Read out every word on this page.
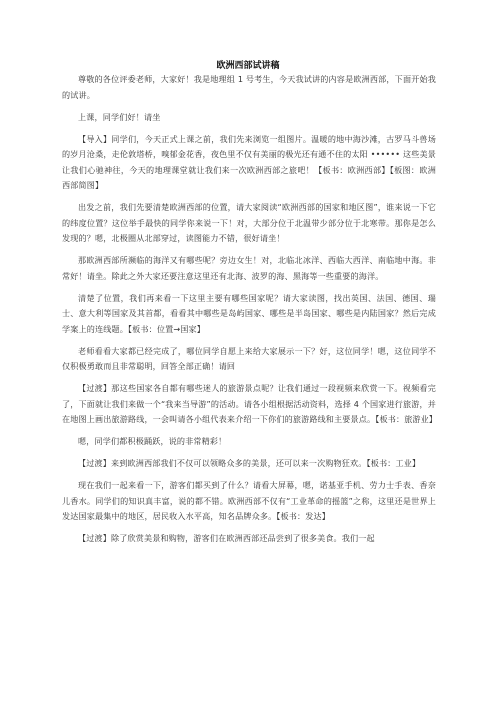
欧洲西部试讲稿

尊敬的各位评委老师，大家好！我是地理组 1 号考生，今天我试讲的内容是欧洲西部，下面开始我的试讲。

上课，同学们好！请坐

【导入】同学们，今天正式上课之前，我们先来浏览一组图片。温暖的地中海沙滩，古罗马斗兽场的岁月沧桑，走伦敦塔桥，嗅郁金花香，夜色里不仅有美丽的极光还有通不住的太阳 •••••• 这些美景让我们心驰神往，今天的地理课堂就让我们来一次欧洲西部之旅吧！【板书：欧洲西部】【板图：欧洲西部简图】

出发之前，我们先要清楚欧洲西部的位置，请大家阅读“欧洲西部的国家和地区图”，谁来说一下它的纬度位置？这位举手最快的同学你来说一下！对，大部分位于北温带少部分位于北寒带。那你是怎么发现的？嗯，北极圈从北部穿过，读图能力不错，很好请坐！

那欧洲西部所濒临的海洋又有哪些呢？旁边女生！对，北临北冰洋、西临大西洋、南临地中海。非常好！请坐。除此之外大家还要注意这里还有北海、波罗的海、黑海等一些重要的海洋。

清楚了位置，我们再来看一下这里主要有哪些国家呢？请大家读图，找出英国、法国、德国、瑞士、意大利等国家及其首都，看看其中哪些是岛屿国家、哪些是半岛国家、哪些是内陆国家？然后完成学案上的连线题。【板书：位置→国家】

老师看看大家都已经完成了，哪位同学自愿上来给大家展示一下？好，这位同学！嗯，这位同学不仅积极勇敢而且非常聪明，回答全部正确！请回

【过渡】那这些国家各自都有哪些迷人的旅游景点呢？让我们通过一段视频来欣赏一下。视频看完了，下面就让我们来做一个“我来当导游”的活动。请各小组根据活动资料，选择 4 个国家进行旅游，并在地图上画出旅游路线，一会叫请各小组代表来介绍一下你们的旅游路线和主要景点。【板书：旅游业】

嗯，同学们都积极踊跃，说的非常精彩！

【过渡】来到欧洲西部我们不仅可以领略众多的美景，还可以来一次购物狂欢。【板书：工业】

现在我们一起来看一下，游客们都买到了什么？请看大屏幕，嗯，诺基亚手机、劳力士手表、香奈儿香水。同学们的知识真丰富，说的都不错。欧洲西部不仅有“工业革命的摇篮”之称，这里还是世界上发达国家最集中的地区，居民收入水平高，知名品牌众多。【板书：发达】

【过渡】除了欣赏美景和购物，游客们在欧洲西部还品尝到了很多美食。我们一起
